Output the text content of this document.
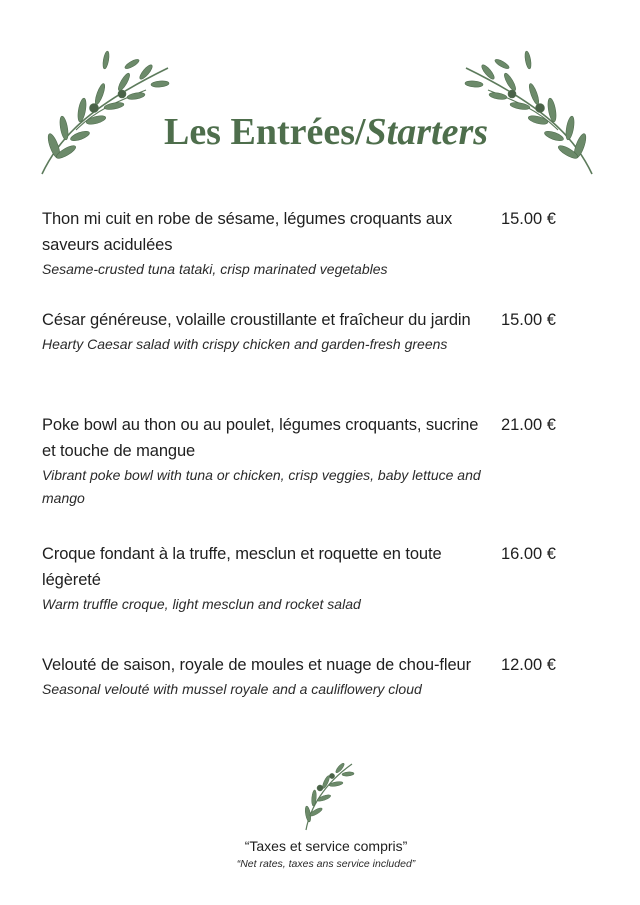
Les Entrées/Starters
Thon mi cuit en robe de sésame, légumes croquants aux saveurs acidulées
Sesame-crusted tuna tataki, crisp marinated vegetables
15.00 €
César généreuse, volaille croustillante et fraîcheur du jardin
Hearty Caesar salad with crispy chicken and garden-fresh greens
15.00 €
Poke bowl au thon ou au poulet, légumes croquants, sucrine et touche de mangue
Vibrant poke bowl with tuna or chicken, crisp veggies, baby lettuce and mango
21.00 €
Croque fondant à la truffe, mesclun et roquette en toute légèreté
Warm truffle croque, light mesclun and rocket salad
16.00 €
Velouté de saison, royale de moules et nuage de chou-fleur
Seasonal velouté with mussel royale and a cauliflowery cloud
12.00 €
“Taxes et service compris”
“Net rates, taxes ans service included”
